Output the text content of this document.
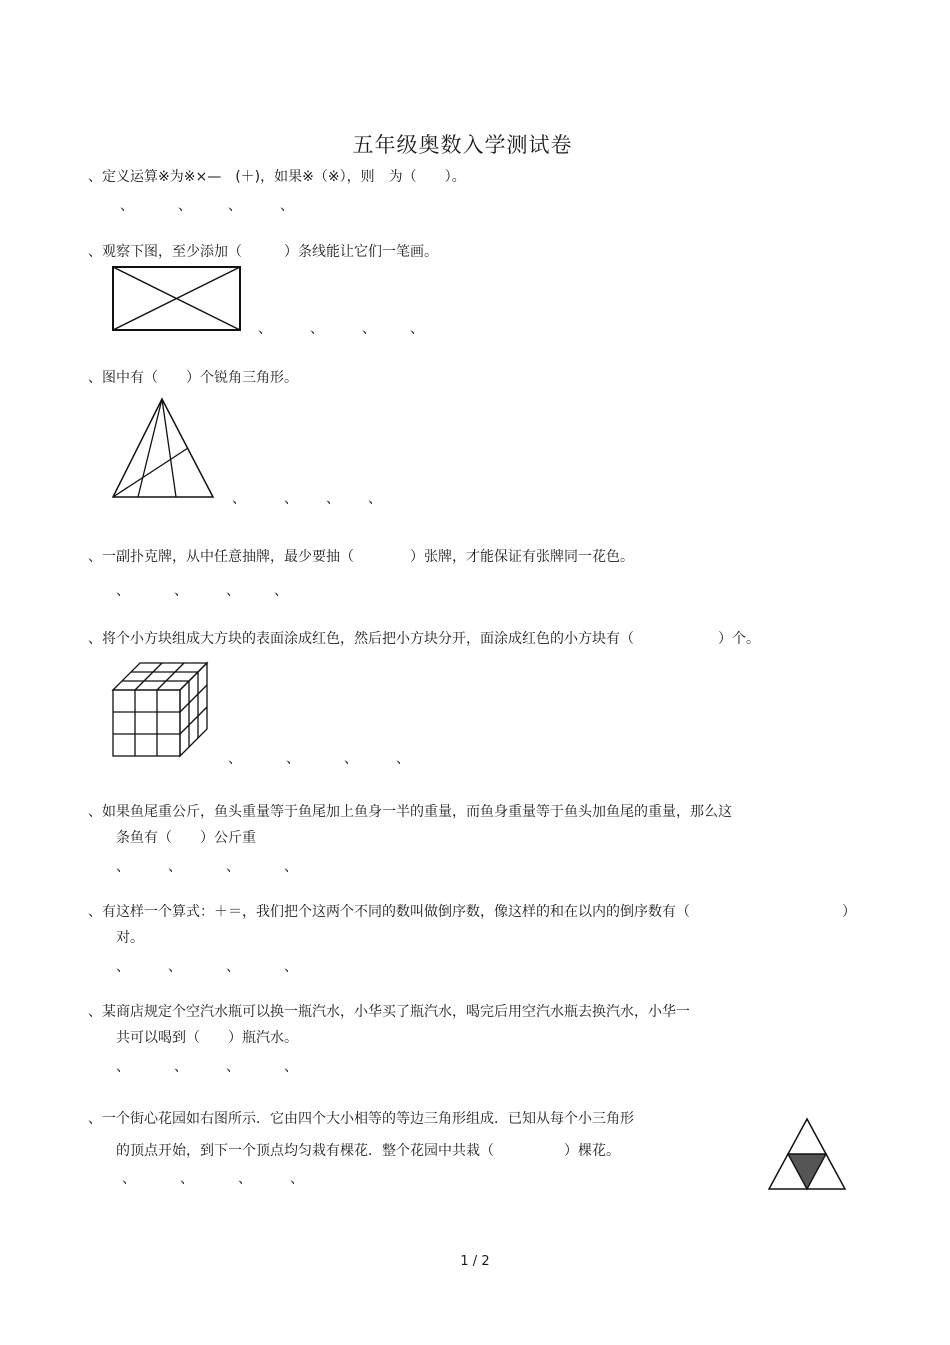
五年级奥数入学测试卷
、定义运算※为※×—　(＋)，如果※（※），则　为（　　）。
、	、	、	、
、观察下图，至少添加（　　　）条线能让它们一笔画。
、	、	、 、
、图中有（　　）个锐角三角形。
、	、 、 、
、一副扑克牌，从中任意抽牌，最少要抽（　　　　）张牌，才能保证有张牌同一花色。
、	、	、 、
、将个小方块组成大方块的表面涂成红色，然后把小方块分开，面涂成红色的小方块有（　　　　　　）个。
、	、	、	、
、如果鱼尾重公斤，鱼头重量等于鱼尾加上鱼身一半的重量，而鱼身重量等于鱼头加鱼尾的重量，那么这
条鱼有（　　）公斤重
、	、	、	、
、有这样一个算式：＋＝，我们把个这两个不同的数叫做倒序数，像这样的和在以内的倒序数有（	）
对。
、	、	、	、
、某商店规定个空汽水瓶可以换一瓶汽水，小华买了瓶汽水，喝完后用空汽水瓶去换汽水，小华一
共可以喝到（　　）瓶汽水。
、	、	、	、
、一个街心花园如右图所示．它由四个大小相等的等边三角形组成．已知从每个小三角形
的顶点开始，到下一个顶点均匀栽有棵花．整个花园中共栽（　　　　　）棵花。
、	、	、	、
1 / 2
